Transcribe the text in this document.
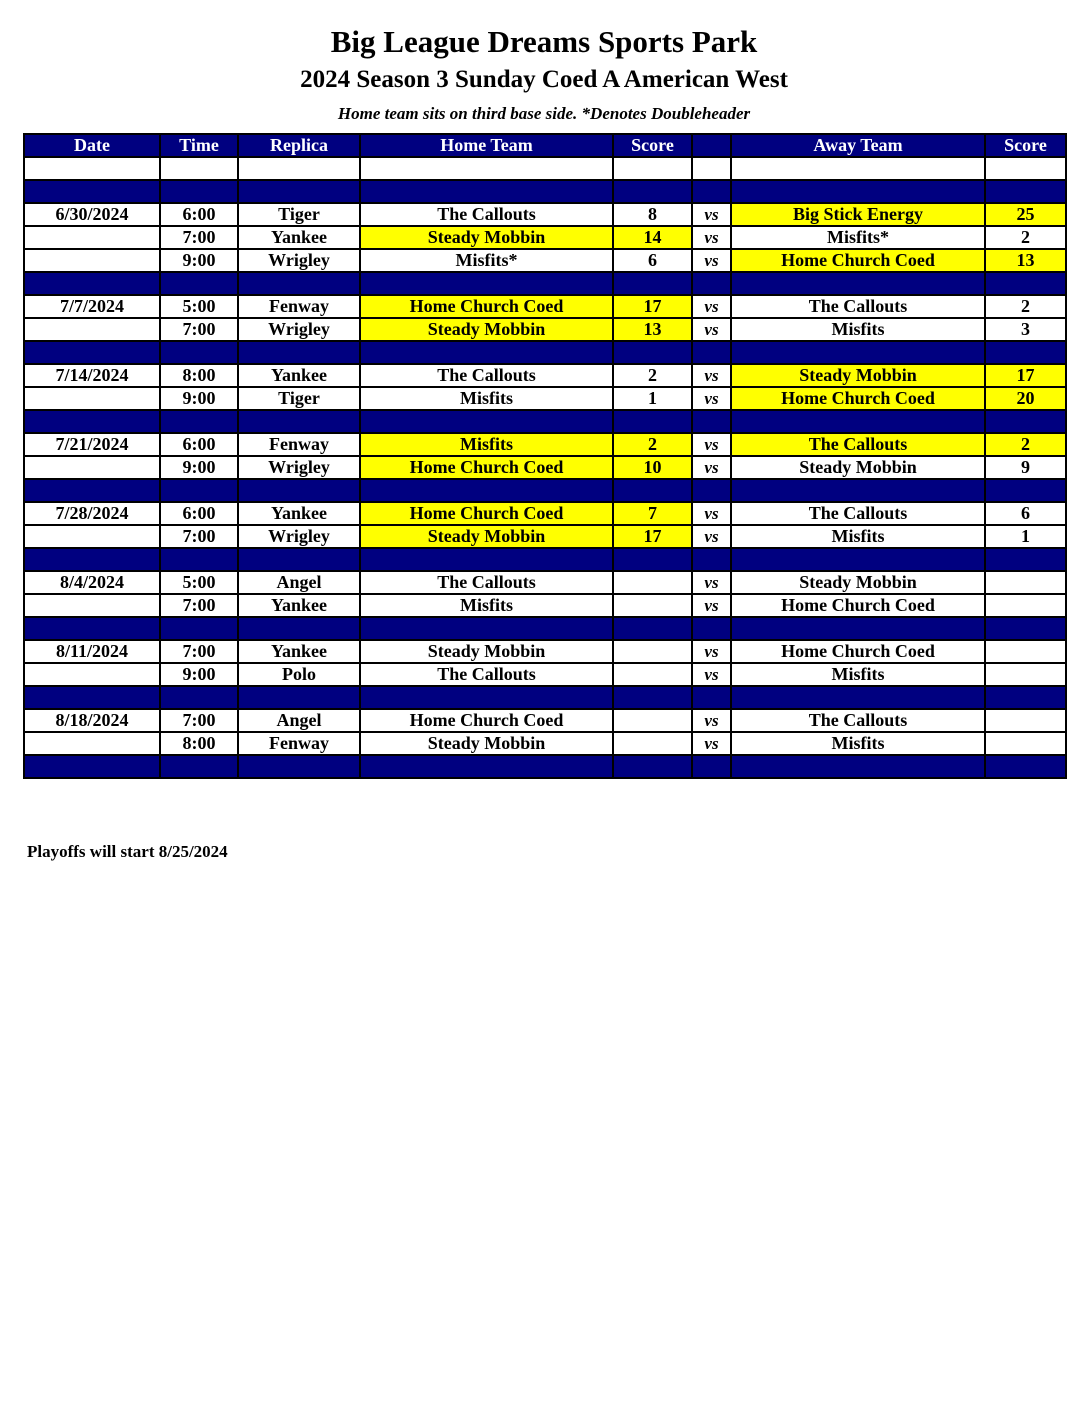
Big League Dreams Sports Park
2024 Season 3 Sunday Coed A American West
Home team sits on third base side. *Denotes Doubleheader
Date	Time	Replica	Home Team	Score		Away Team	Score

6/30/2024	6:00	Tiger	The Callouts	8	vs	Big Stick Energy	25
	7:00	Yankee	Steady Mobbin	14	vs	Misfits*	2
	9:00	Wrigley	Misfits*	6	vs	Home Church Coed	13

7/7/2024	5:00	Fenway	Home Church Coed	17	vs	The Callouts	2
	7:00	Wrigley	Steady Mobbin	13	vs	Misfits	3

7/14/2024	8:00	Yankee	The Callouts	2	vs	Steady Mobbin	17
	9:00	Tiger	Misfits	1	vs	Home Church Coed	20

7/21/2024	6:00	Fenway	Misfits	2	vs	The Callouts	2
	9:00	Wrigley	Home Church Coed	10	vs	Steady Mobbin	9

7/28/2024	6:00	Yankee	Home Church Coed	7	vs	The Callouts	6
	7:00	Wrigley	Steady Mobbin	17	vs	Misfits	1

8/4/2024	5:00	Angel	The Callouts		vs	Steady Mobbin	
	7:00	Yankee	Misfits		vs	Home Church Coed	

8/11/2024	7:00	Yankee	Steady Mobbin		vs	Home Church Coed	
	9:00	Polo	The Callouts		vs	Misfits	

8/18/2024	7:00	Angel	Home Church Coed		vs	The Callouts	
	8:00	Fenway	Steady Mobbin		vs	Misfits	

Playoffs will start 8/25/2024
